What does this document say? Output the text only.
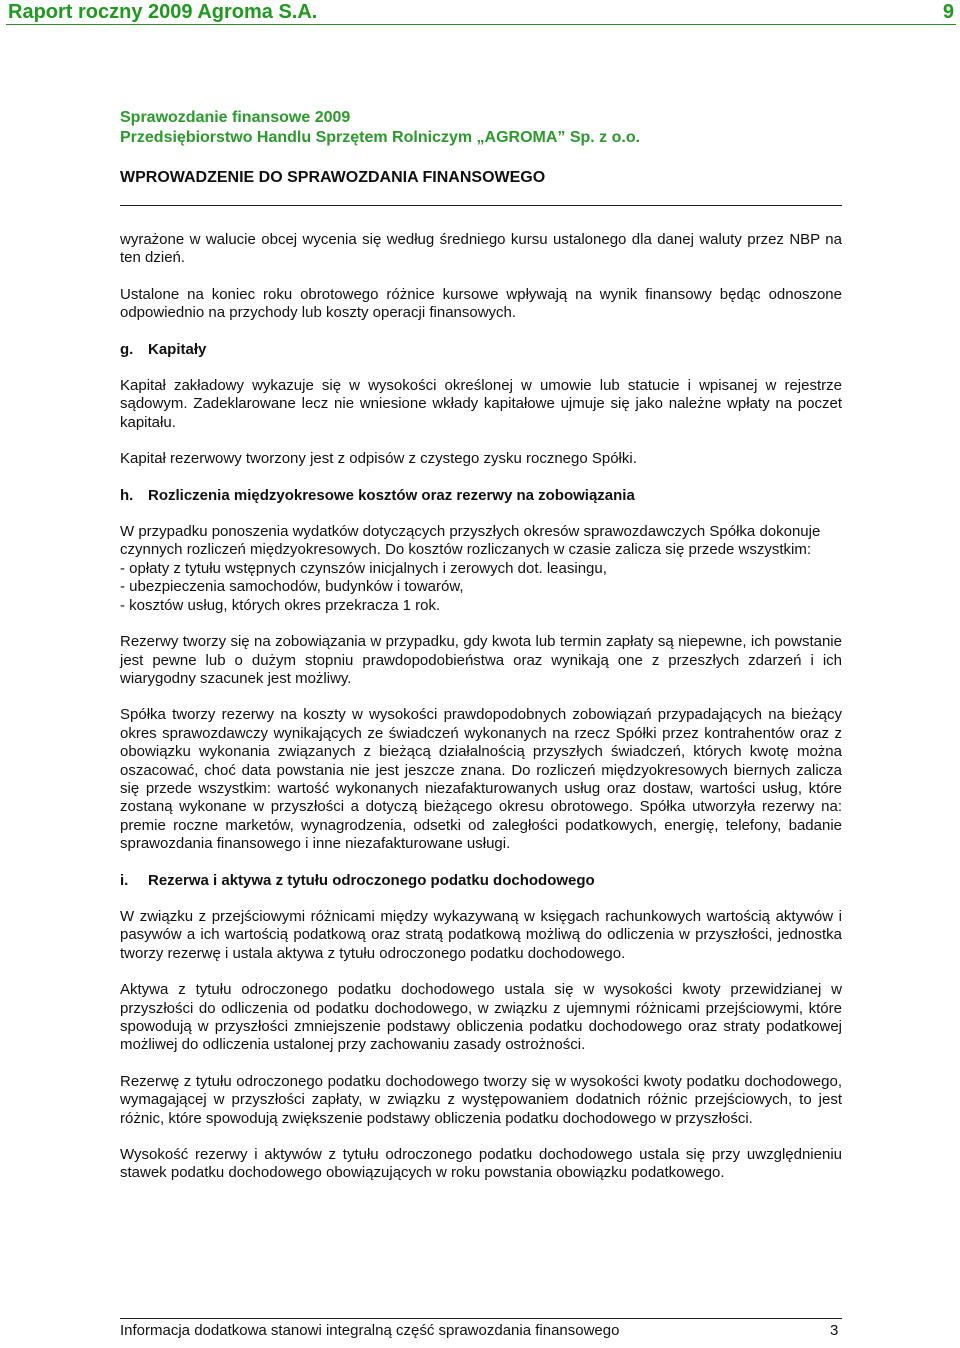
Raport roczny 2009 Agroma S.A.	9
Sprawozdanie finansowe 2009
Przedsiębiorstwo Handlu Sprzętem Rolniczym „AGROMA” Sp. z o.o.
WPROWADZENIE DO SPRAWOZDANIA FINANSOWEGO

wyrażone w walucie obcej wycenia się według średniego kursu ustalonego dla danej waluty przez NBP na ten dzień.

Ustalone na koniec roku obrotowego różnice kursowe wpływają na wynik finansowy będąc odnoszone odpowiednio na przychody lub koszty operacji finansowych.

g. Kapitały

Kapitał zakładowy wykazuje się w wysokości określonej w umowie lub statucie i wpisanej w rejestrze sądowym. Zadeklarowane lecz nie wniesione wkłady kapitałowe ujmuje się jako należne wpłaty na poczet kapitału.

Kapitał rezerwowy tworzony jest z odpisów z czystego zysku rocznego Spółki.

h. Rozliczenia międzyokresowe kosztów oraz rezerwy na zobowiązania

W przypadku ponoszenia wydatków dotyczących przyszłych okresów sprawozdawczych Spółka dokonuje czynnych rozliczeń międzyokresowych. Do kosztów rozliczanych w czasie zalicza się przede wszystkim:

- opłaty z tytułu wstępnych czynszów inicjalnych i zerowych dot. leasingu,
- ubezpieczenia samochodów, budynków i towarów,
- kosztów usług, których okres przekracza 1 rok.

Rezerwy tworzy się na zobowiązania w przypadku, gdy kwota lub termin zapłaty są niepewne, ich powstanie jest pewne lub o dużym stopniu prawdopodobieństwa oraz wynikają one z przeszłych zdarzeń i ich wiarygodny szacunek jest możliwy.

Spółka tworzy rezerwy na koszty w wysokości prawdopodobnych zobowiązań przypadających na bieżący okres sprawozdawczy wynikających ze świadczeń wykonanych na rzecz Spółki przez kontrahentów oraz z obowiązku wykonania związanych z bieżącą działalnością przyszłych świadczeń, których kwotę można oszacować, choć data powstania nie jest jeszcze znana. Do rozliczeń międzyokresowych biernych zalicza się przede wszystkim: wartość wykonanych niezafakturowanych usług oraz dostaw, wartości usług, które zostaną wykonane w przyszłości a dotyczą bieżącego okresu obrotowego. Spółka utworzyła rezerwy na: premie roczne marketów, wynagrodzenia, odsetki od zaległości podatkowych, energię, telefony, badanie sprawozdania finansowego i inne niezafakturowane usługi.

i. Rezerwa i aktywa z tytułu odroczonego podatku dochodowego

W związku z przejściowymi różnicami między wykazywaną w księgach rachunkowych wartością aktywów i pasywów a ich wartością podatkową oraz stratą podatkową możliwą do odliczenia w przyszłości, jednostka tworzy rezerwę i ustala aktywa z tytułu odroczonego podatku dochodowego.

Aktywa z tytułu odroczonego podatku dochodowego ustala się w wysokości kwoty przewidzianej w przyszłości do odliczenia od podatku dochodowego, w związku z ujemnymi różnicami przejściowymi, które spowodują w przyszłości zmniejszenie podstawy obliczenia podatku dochodowego oraz straty podatkowej możliwej do odliczenia ustalonej przy zachowaniu zasady ostrożności.

Rezerwę z tytułu odroczonego podatku dochodowego tworzy się w wysokości kwoty podatku dochodowego, wymagającej w przyszłości zapłaty, w związku z występowaniem dodatnich różnic przejściowych, to jest różnic, które spowodują zwiększenie podstawy obliczenia podatku dochodowego w przyszłości.

Wysokość rezerwy i aktywów z tytułu odroczonego podatku dochodowego ustala się przy uwzględnieniu stawek podatku dochodowego obowiązujących w roku powstania obowiązku podatkowego.

Informacja dodatkowa stanowi integralną część sprawozdania finansowego	3
